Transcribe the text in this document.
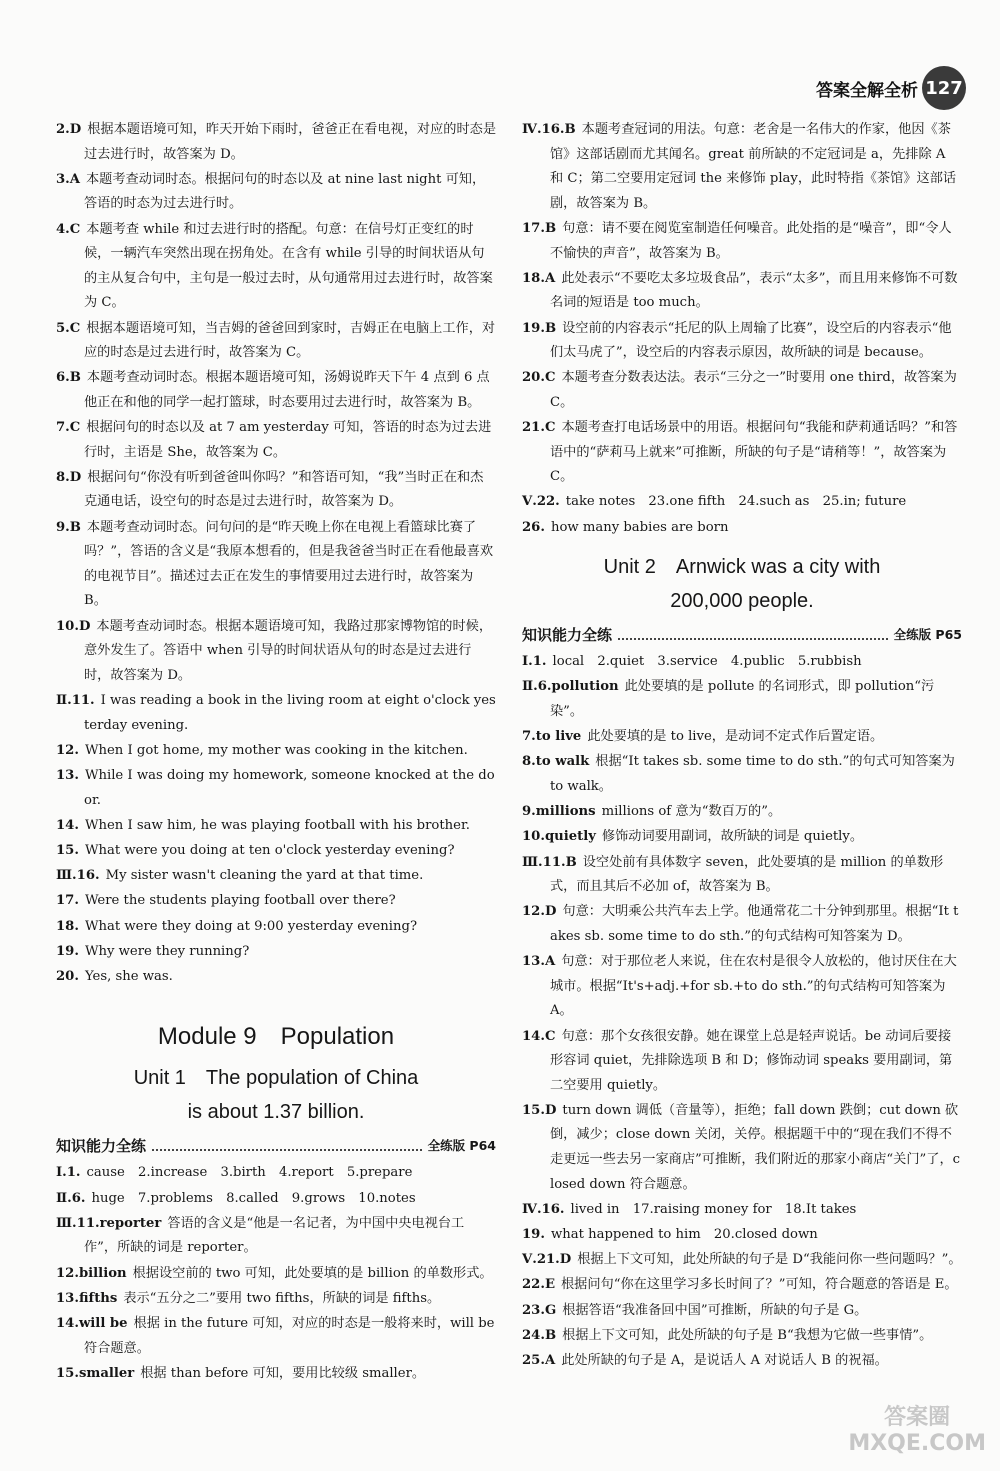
答案全解全析 127
2.D 根据本题语境可知，昨天开始下雨时，爸爸正在看电视，对应的时态是过去进行时，故答案为 D。
3.A 本题考查动词时态。根据问句的时态以及 at nine last night 可知，答语的时态为过去进行时。
4.C 本题考查 while 和过去进行时的搭配。句意：在信号灯正变红的时候，一辆汽车突然出现在拐角处。在含有 while 引导的时间状语从句的主从复合句中，主句是一般过去时，从句通常用过去进行时，故答案为 C。
5.C 根据本题语境可知，当吉姆的爸爸回到家时，吉姆正在电脑上工作，对应的时态是过去进行时，故答案为 C。
6.B 本题考查动词时态。根据本题语境可知，汤姆说昨天下午 4 点到 6 点他正在和他的同学一起打篮球，时态要用过去进行时，故答案为 B。
7.C 根据问句的时态以及 at 7 am yesterday 可知，答语的时态为过去进行时，主语是 She，故答案为 C。
8.D 根据问句“你没有听到爸爸叫你吗？”和答语可知，“我”当时正在和杰克通电话，设空句的时态是过去进行时，故答案为 D。
9.B 本题考查动词时态。问句问的是“昨天晚上你在电视上看篮球比赛了吗？”，答语的含义是“我原本想看的，但是我爸爸当时正在看他最喜欢的电视节目”。描述过去正在发生的事情要用过去进行时，故答案为 B。
10.D 本题考查动词时态。根据本题语境可知，我路过那家博物馆的时候，意外发生了。答语中 when 引导的时间状语从句的时态是过去进行时，故答案为 D。
Ⅱ.11. I was reading a book in the living room at eight o'clock yesterday evening.
12. When I got home, my mother was cooking in the kitchen.
13. While I was doing my homework, someone knocked at the door.
14. When I saw him, he was playing football with his brother.
15. What were you doing at ten o'clock yesterday evening?
Ⅲ.16. My sister wasn't cleaning the yard at that time.
17. Were the students playing football over there?
18. What were they doing at 9:00 yesterday evening?
19. Why were they running?
20. Yes, she was.
Module 9　Population
Unit 1　The population of China
is about 1.37 billion.
知识能力全练	全练版 P64
Ⅰ.1. cause　2.increase　3.birth　4.report　5.prepare
Ⅱ.6. huge　7.problems　8.called　9.grows　10.notes
Ⅲ.11.reporter 答语的含义是“他是一名记者，为中国中央电视台工作”，所缺的词是 reporter。
12.billion 根据设空前的 two 可知，此处要填的是 billion 的单数形式。
13.fifths 表示“五分之二”要用 two fifths，所缺的词是 fifths。
14.will be 根据 in the future 可知，对应的时态是一般将来时，will be 符合题意。
15.smaller 根据 than before 可知，要用比较级 smaller。
Ⅳ.16.B 本题考查冠词的用法。句意：老舍是一名伟大的作家，他因《茶馆》这部话剧而尤其闻名。great 前所缺的不定冠词是 a，先排除 A 和 C；第二空要用定冠词 the 来修饰 play，此时特指《茶馆》这部话剧，故答案为 B。
17.B 句意：请不要在阅览室制造任何噪音。此处指的是“噪音”，即“令人不愉快的声音”，故答案为 B。
18.A 此处表示“不要吃太多垃圾食品”，表示“太多”，而且用来修饰不可数名词的短语是 too much。
19.B 设空前的内容表示“托尼的队上周输了比赛”，设空后的内容表示“他们太马虎了”，设空后的内容表示原因，故所缺的词是 because。
20.C 本题考查分数表达法。表示“三分之一”时要用 one third，故答案为 C。
21.C 本题考查打电话场景中的用语。根据问句“我能和萨莉通话吗？”和答语中的“萨莉马上就来”可推断，所缺的句子是“请稍等！”，故答案为 C。
Ⅴ.22. take notes　23.one fifth　24.such as　25.in; future
26. how many babies are born
Unit 2　Arnwick was a city with
200,000 people.
知识能力全练	全练版 P65
Ⅰ.1. local　2.quiet　3.service　4.public　5.rubbish
Ⅱ.6.pollution 此处要填的是 pollute 的名词形式，即 pollution“污染”。
7.to live 此处要填的是 to live，是动词不定式作后置定语。
8.to walk 根据“It takes sb. some time to do sth.”的句式可知答案为 to walk。
9.millions millions of 意为“数百万的”。
10.quietly 修饰动词要用副词，故所缺的词是 quietly。
Ⅲ.11.B 设空处前有具体数字 seven，此处要填的是 million 的单数形式，而且其后不必加 of，故答案为 B。
12.D 句意：大明乘公共汽车去上学。他通常花二十分钟到那里。根据“It takes sb. some time to do sth.”的句式结构可知答案为 D。
13.A 句意：对于那位老人来说，住在农村是很令人放松的，他讨厌住在大城市。根据“It's+adj.+for sb.+to do sth.”的句式结构可知答案为 A。
14.C 句意：那个女孩很安静。她在课堂上总是轻声说话。be 动词后要接形容词 quiet，先排除选项 B 和 D；修饰动词 speaks 要用副词，第二空要用 quietly。
15.D turn down 调低（音量等），拒绝；fall down 跌倒；cut down 砍倒，减少；close down 关闭，关停。根据题干中的“现在我们不得不走更远一些去另一家商店”可推断，我们附近的那家小商店“关门”了，closed down 符合题意。
Ⅳ.16. lived in　17.raising money for　18.It takes
19. what happened to him　20.closed down
Ⅴ.21.D 根据上下文可知，此处所缺的句子是 D“我能问你一些问题吗？”。
22.E 根据问句“你在这里学习多长时间了？”可知，符合题意的答语是 E。
23.G 根据答语“我准备回中国”可推断，所缺的句子是 G。
24.B 根据上下文可知，此处所缺的句子是 B“我想为它做一些事情”。
25.A 此处所缺的句子是 A，是说话人 A 对说话人 B 的祝福。
答案圈
MXQE.COM
